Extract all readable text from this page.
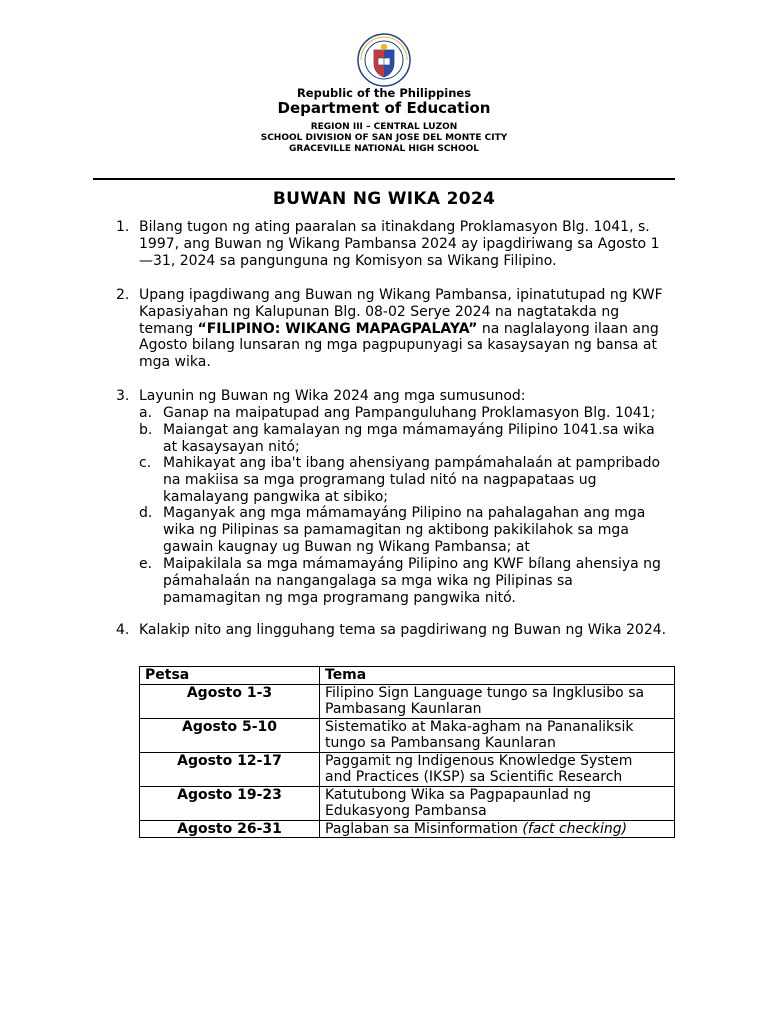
Republic of the Philippines
Department of Education
REGION III – CENTRAL LUZON
SCHOOL DIVISION OF SAN JOSE DEL MONTE CITY
GRACEVILLE NATIONAL HIGH SCHOOL
BUWAN NG WIKA 2024
1. Bilang tugon ng ating paaralan sa itinakdang Proklamasyon Blg. 1041, s.
1997, ang Buwan ng Wikang Pambansa 2024 ay ipagdiriwang sa Agosto 1
—31, 2024 sa pangunguna ng Komisyon sa Wikang Filipino.
2. Upang ipagdiwang ang Buwan ng Wikang Pambansa, ipinatutupad ng KWF
Kapasiyahan ng Kalupunan Blg. 08-02 Serye 2024 na nagtatakda ng
temang “FILIPINO: WIKANG MAPAGPALAYA” na naglalayong ilaan ang
Agosto bilang lunsaran ng mga pagpupunyagi sa kasaysayan ng bansa at
mga wika.
3. Layunin ng Buwan ng Wika 2024 ang mga sumusunod:
a. Ganap na maipatupad ang Pampanguluhang Proklamasyon Blg. 1041;
b. Maiangat ang kamalayan ng mga mámamayáng Pilipino 1041.sa wika
at kasaysayan nitó;
c. Mahikayat ang iba't ibang ahensiyang pampámahalaán at pampribado
na makiisa sa mga programang tulad nitó na nagpapataas ug
kamalayang pangwika at sibiko;
d. Maganyak ang mga mámamayáng Pilipino na pahalagahan ang mga
wika ng Pilipinas sa pamamagitan ng aktibong pakikilahok sa mga
gawain kaugnay ug Buwan ng Wikang Pambansa; at
e. Maipakilala sa mga mámamayáng Pilipino ang KWF bílang ahensiya ng
pámahalaán na nangangalaga sa mga wika ng Pilipinas sa
pamamagitan ng mga programang pangwika nitó.
4. Kalakip nito ang lingguhang tema sa pagdiriwang ng Buwan ng Wika 2024.
Petsa	Tema
Agosto 1-3	Filipino Sign Language tungo sa Ingklusibo sa
Pambasang Kaunlaran

Agosto 5-10	Sistematiko at Maka-agham na Pananaliksik
tungo sa Pambansang Kaunlaran

Agosto 12-17	Paggamit ng Indigenous Knowledge System
and Practices (IKSP) sa Scientific Research

Agosto 19-23	Katutubong Wika sa Pagpapaunlad ng
Edukasyong Pambansa

Agosto 26-31	Paglaban sa Misinformation (fact checking)
